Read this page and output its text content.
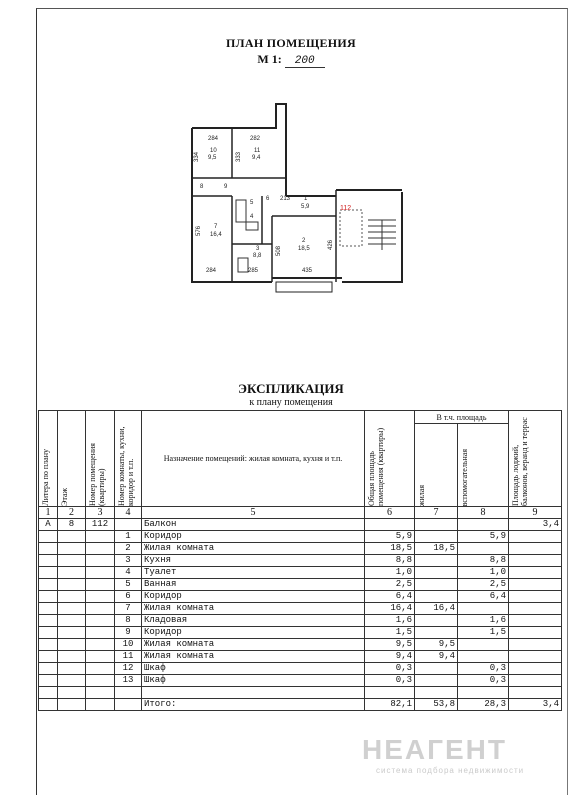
ПЛАН ПОМЕЩЕНИЯ
М 1: 200
284	282
334	333
10
9,5
11
9,4
8	9
6
5
4
213 1
5,9	112
576 7
16,4
3
8,8 508
2
18,5	426
284	285	435
ЭКСПЛИКАЦИЯ
к плану помещения
Литера по плану	Этаж	Номер помещения (квартиры)	Номер комнаты, кухни, коридор и т.п.	Назначение помещений: жилая комната, кухня и т.п.	Общая площадь помещения (квартиры)	В т.ч. площадь		Площадь лоджий, балконов, веранд и террас

						жилая	вспомогательная	

1	2	3	4	5	6	7	8	9
А	8	112		Балкон				3,4
			1	Коридор	5,9		5,9	
			2	Жилая комната	18,5	18,5		
			3	Кухня	8,8		8,8	
			4	Туалет	1,0		1,0	
			5	Ванная	2,5		2,5	
			6	Коридор	6,4		6,4	
			7	Жилая комната	16,4	16,4		
			8	Кладовая	1,6		1,6	
			9	Коридор	1,5		1,5	
			10	Жилая комната	9,5	9,5		
			11	Жилая комната	9,4	9,4		
			12	Шкаф	0,3		0,3	
			13	Шкаф	0,3		0,3	

				Итого:	82,1	53,8	28,3	3,4
НЕАГЕНТ
система подбора недвижимости
